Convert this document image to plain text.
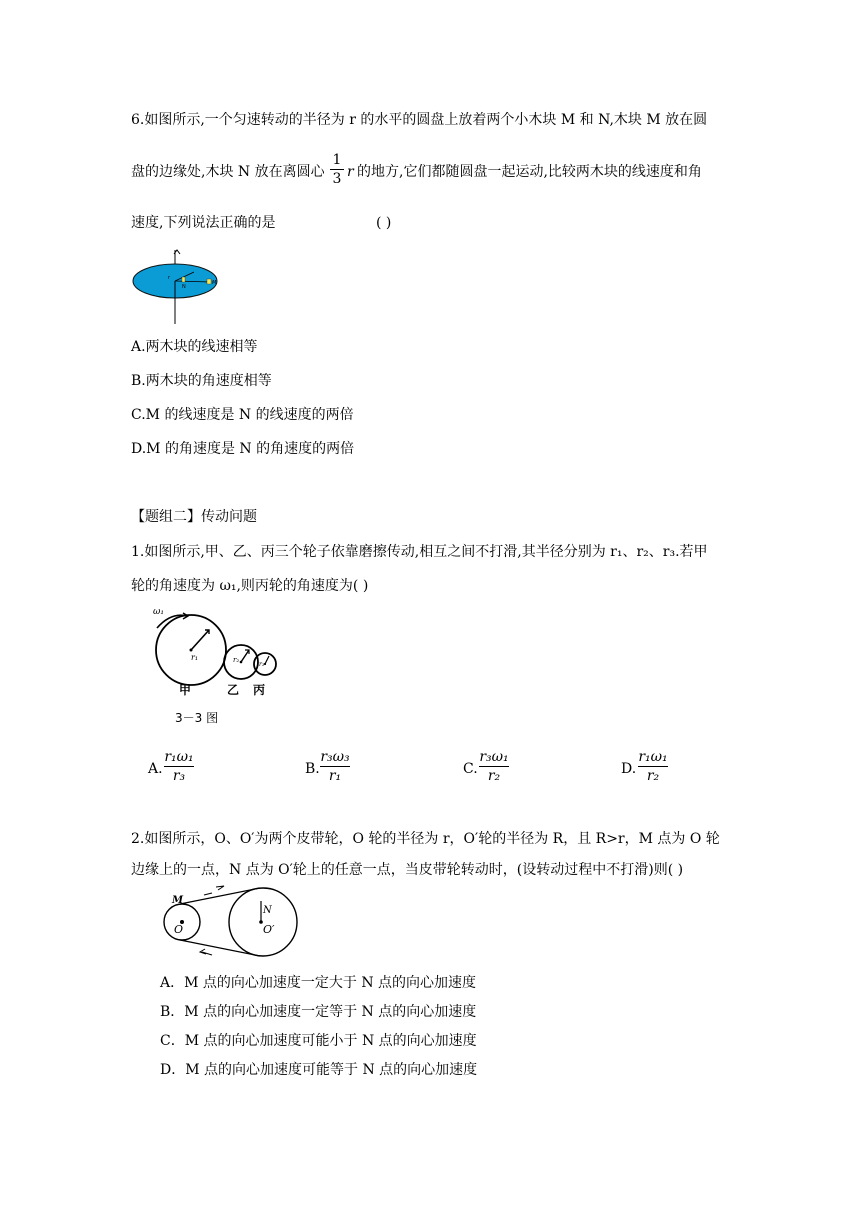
6.如图所示,一个匀速转动的半径为 r 的水平的圆盘上放着两个小木块 M 和 N,木块 M 放在圆
盘的边缘处,木块 N 放在离圆心
1
3 r 的地方,它们都随圆盘一起运动,比较两木块的线速度和角
速度,下列说法正确的是	( )
r
N
M
A.两木块的线速相等
B.两木块的角速度相等
C.M 的线速度是 N 的线速度的两倍
D.M 的角速度是 N 的角速度的两倍
【题组二】传动问题
1.如图所示,甲、乙、丙三个轮子依靠磨擦传动,相互之间不打滑,其半径分别为 r₁、r₂、r₃.若甲
轮的角速度为 ω₁,则丙轮的角速度为( )
ω₁
r₁	r₂
r₃
甲	乙 丙
3－3 图
A.
r₁ω₁
r₃	B.
r₃ω₃
r₁	C.
r₃ω₁
r₂	D.
r₁ω₁
r₂
2.如图所示，O、O′为两个皮带轮，O 轮的半径为 r，O′轮的半径为 R，且 R>r，M 点为 O 轮
边缘上的一点，N 点为 O′轮上的任意一点，当皮带轮转动时，(设转动过程中不打滑)则( )
M
O
N
O′
A．M 点的向心加速度一定大于 N 点的向心加速度
B．M 点的向心加速度一定等于 N 点的向心加速度
C．M 点的向心加速度可能小于 N 点的向心加速度
D．M 点的向心加速度可能等于 N 点的向心加速度
